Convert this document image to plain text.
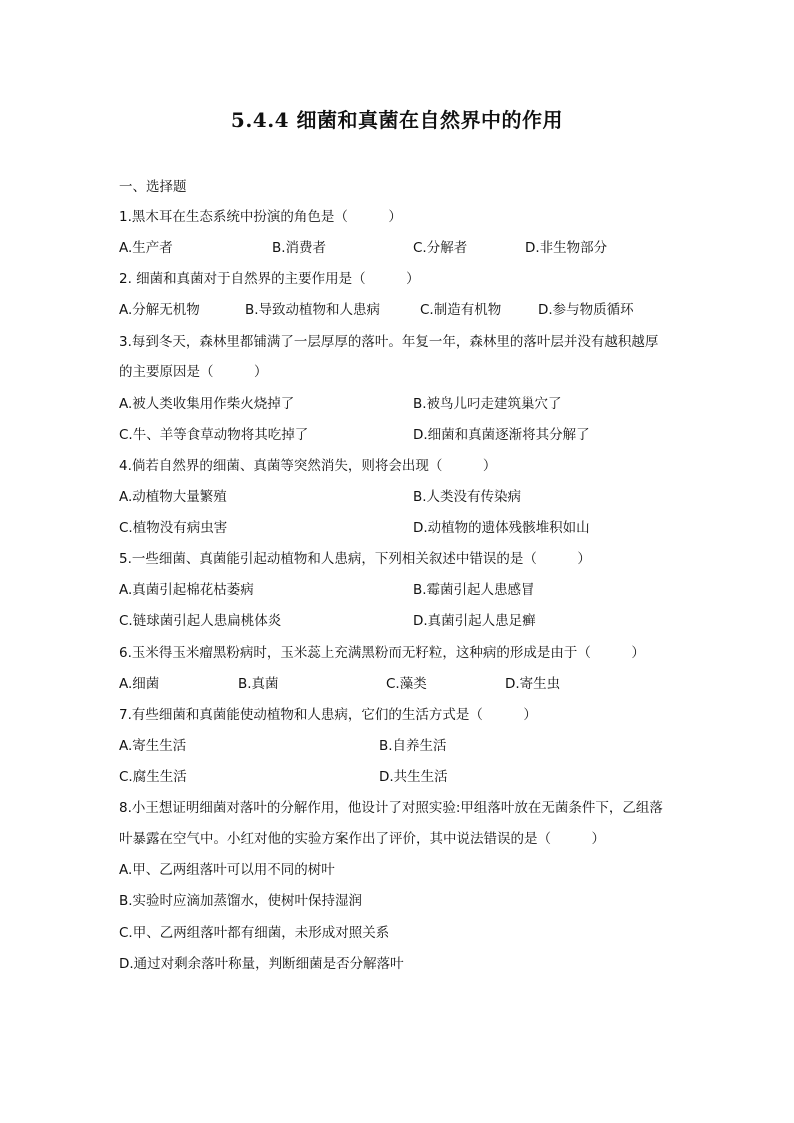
5.4.4 细菌和真菌在自然界中的作用
一、选择题
1.黑木耳在生态系统中扮演的角色是（　　　）
A.生产者	B.消费者	C.分解者	D.非生物部分
2. 细菌和真菌对于自然界的主要作用是（　　　）
A.分解无机物	B.导致动植物和人患病	C.制造有机物	D.参与物质循环
3.每到冬天，森林里都铺满了一层厚厚的落叶。年复一年，森林里的落叶层并没有越积越厚
的主要原因是（　　　）
A.被人类收集用作柴火烧掉了	B.被鸟儿叼走建筑巢穴了
C.牛、羊等食草动物将其吃掉了	D.细菌和真菌逐渐将其分解了
4.倘若自然界的细菌、真菌等突然消失，则将会出现（　　　）
A.动植物大量繁殖	B.人类没有传染病
C.植物没有病虫害	D.动植物的遗体残骸堆积如山
5.一些细菌、真菌能引起动植物和人患病，下列相关叙述中错误的是（　　　）
A.真菌引起棉花枯萎病	B.霉菌引起人患感冒
C.链球菌引起人患扁桃体炎	D.真菌引起人患足癣
6.玉米得玉米瘤黑粉病时，玉米蕊上充满黑粉而无籽粒，这种病的形成是由于（　　　）
A.细菌	B.真菌	C.藻类	D.寄生虫
7.有些细菌和真菌能使动植物和人患病，它们的生活方式是（　　　）
A.寄生生活	B.自养生活
C.腐生生活	D.共生生活
8.小王想证明细菌对落叶的分解作用，他设计了对照实验:甲组落叶放在无菌条件下，乙组落
叶暴露在空气中。小红对他的实验方案作出了评价，其中说法错误的是（　　　）
A.甲、乙两组落叶可以用不同的树叶
B.实验时应滴加蒸馏水，使树叶保持湿润
C.甲、乙两组落叶都有细菌，未形成对照关系
D.通过对剩余落叶称量，判断细菌是否分解落叶
